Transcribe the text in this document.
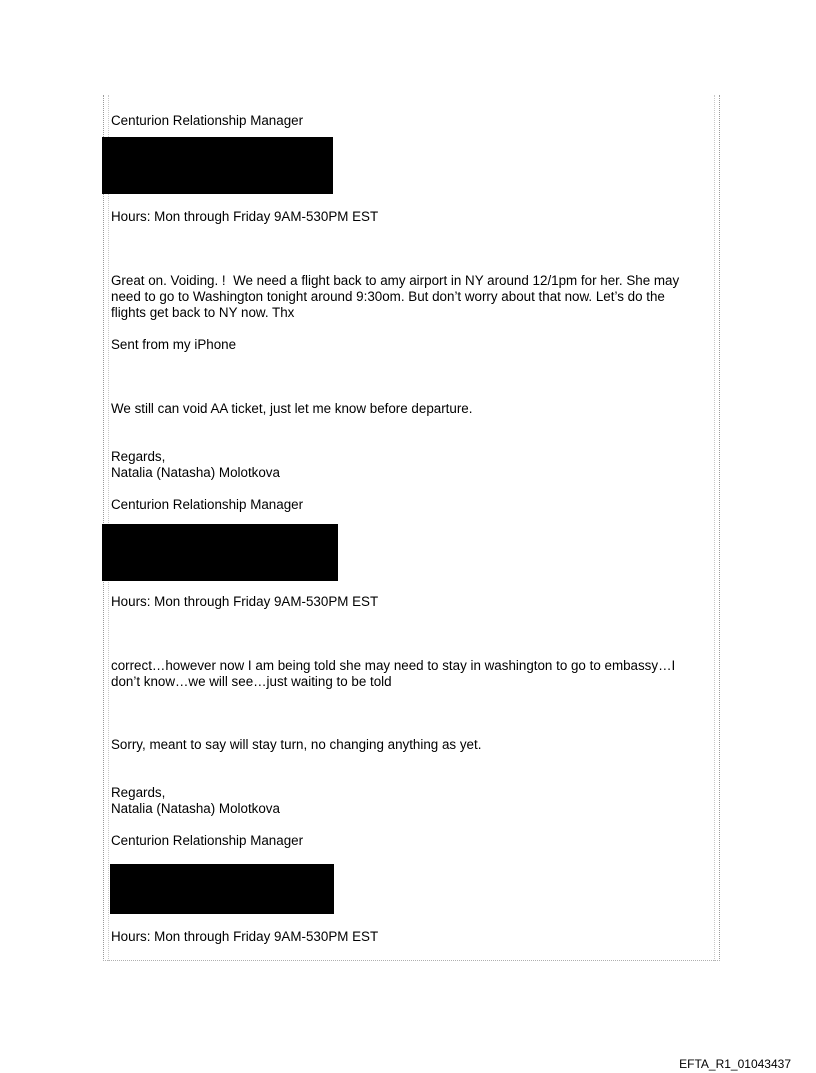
Centurion Relationship Manager

Hours: Mon through Friday 9AM-530PM EST

Great on. Voiding. !  We need a flight back to amy airport in NY around 12/1pm for her. She may

need to go to Washington tonight around 9:30om. But don’t worry about that now. Let’s do the

flights get back to NY now. Thx

Sent from my iPhone

We still can void AA ticket, just let me know before departure.

Regards,

Natalia (Natasha) Molotkova

Centurion Relationship Manager

Hours: Mon through Friday 9AM-530PM EST

correct…however now I am being told she may need to stay in washington to go to embassy…I

don’t know…we will see…just waiting to be told

Sorry, meant to say will stay turn, no changing anything as yet.

Regards,

Natalia (Natasha) Molotkova

Centurion Relationship Manager

Hours: Mon through Friday 9AM-530PM EST

EFTA_R1_01043437
